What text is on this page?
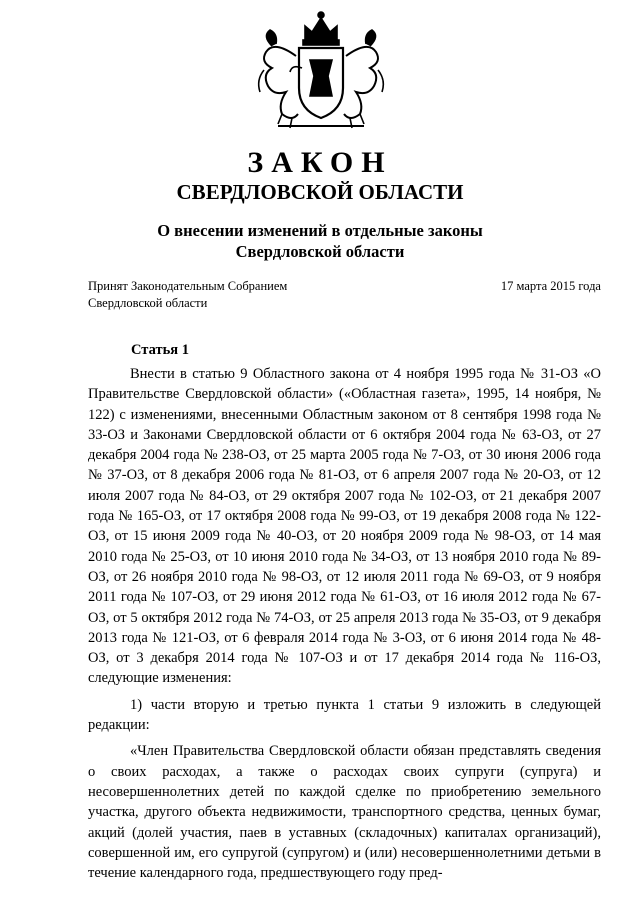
ЗАКОН
СВЕРДЛОВСКОЙ ОБЛАСТИ
О внесении изменений в отдельные законы
Свердловской области
Принят Законодательным Собранием
Свердловской области
17 марта 2015 года
Статья 1

Внести в статью 9 Областного закона от 4 ноября 1995 года № 31-ОЗ «О Правительстве Свердловской области» («Областная газета», 1995, 14 ноября, № 122) с изменениями, внесенными Областным законом от 8 сентября 1998 года № 33-ОЗ и Законами Свердловской области от 6 октября 2004 года № 63-ОЗ, от 27 декабря 2004 года № 238-ОЗ, от 25 марта 2005 года № 7-ОЗ, от 30 июня 2006 года № 37-ОЗ, от 8 декабря 2006 года № 81-ОЗ, от 6 апреля 2007 года № 20-ОЗ, от 12 июля 2007 года № 84-ОЗ, от 29 октября 2007 года № 102-ОЗ, от 21 декабря 2007 года № 165-ОЗ, от 17 октября 2008 года № 99-ОЗ, от 19 декабря 2008 года № 122-ОЗ, от 15 июня 2009 года № 40-ОЗ, от 20 ноября 2009 года № 98-ОЗ, от 14 мая 2010 года № 25-ОЗ, от 10 июня 2010 года № 34-ОЗ, от 13 ноября 2010 года № 89-ОЗ, от 26 ноября 2010 года № 98-ОЗ, от 12 июля 2011 года № 69-ОЗ, от 9 ноября 2011 года № 107-ОЗ, от 29 июня 2012 года № 61-ОЗ, от 16 июля 2012 года № 67-ОЗ, от 5 октября 2012 года № 74-ОЗ, от 25 апреля 2013 года № 35-ОЗ, от 9 декабря 2013 года № 121-ОЗ, от 6 февраля 2014 года № 3-ОЗ, от 6 июня 2014 года № 48-ОЗ, от 3 декабря 2014 года № 107-ОЗ и от 17 декабря 2014 года № 116-ОЗ, следующие изменения:

1) части вторую и третью пункта 1 статьи 9 изложить в следующей редакции:

«Член Правительства Свердловской области обязан представлять сведения о своих расходах, а также о расходах своих супруги (супруга) и несовершеннолетних детей по каждой сделке по приобретению земельного участка, другого объекта недвижимости, транспортного средства, ценных бумаг, акций (долей участия, паев в уставных (складочных) капиталах организаций), совершенной им, его супругой (супругом) и (или) несовершеннолетними детьми в течение календарного года, предшествующего году пред-
